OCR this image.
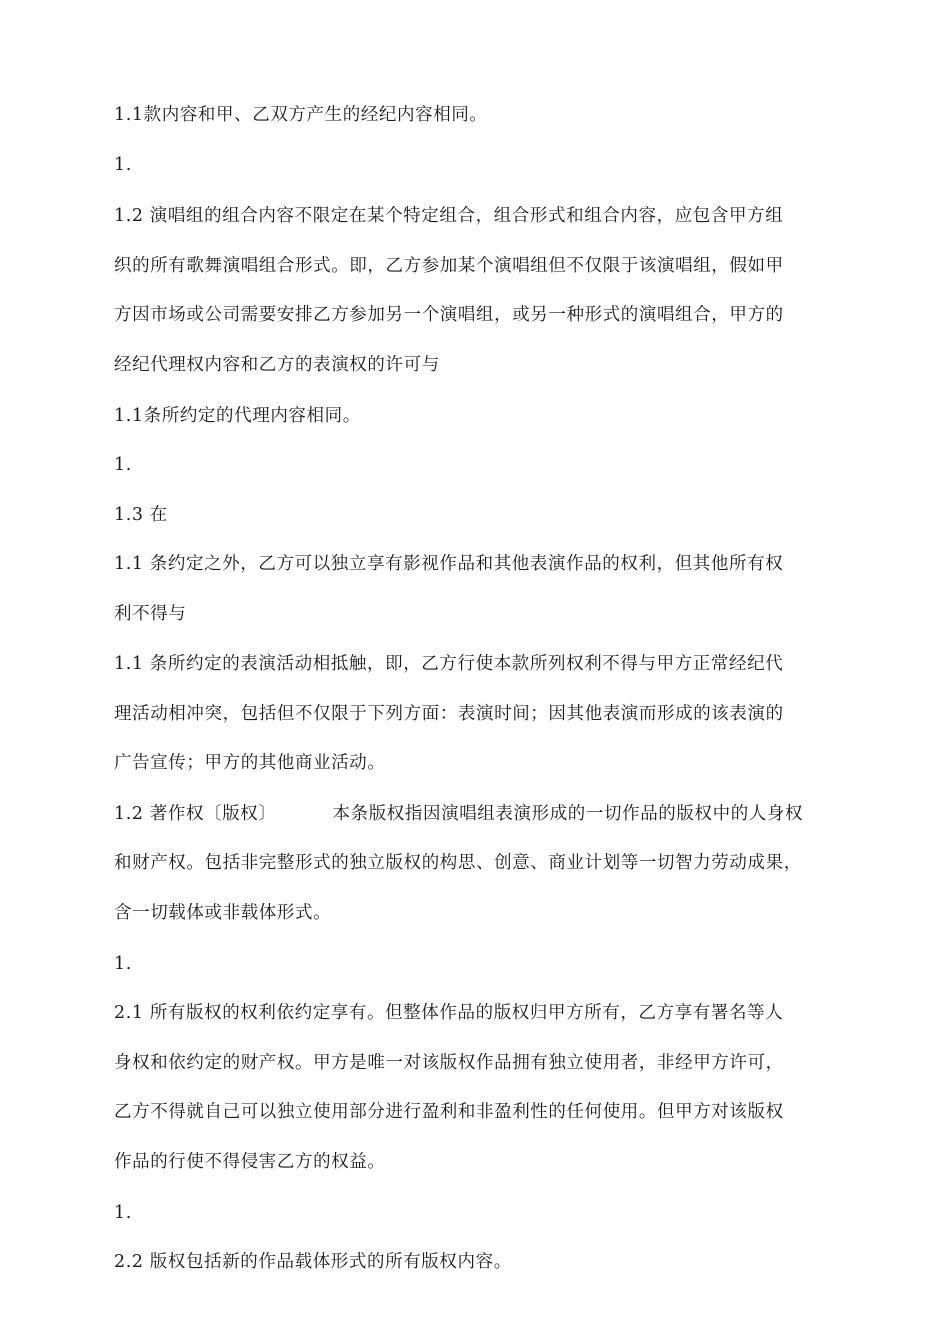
1.1款内容和甲、乙双方产生的经纪内容相同。
1.
1.2 演唱组的组合内容不限定在某个特定组合，组合形式和组合内容，应包含甲方组
织的所有歌舞演唱组合形式。即，乙方参加某个演唱组但不仅限于该演唱组，假如甲
方因市场或公司需要安排乙方参加另一个演唱组，或另一种形式的演唱组合，甲方的
经纪代理权内容和乙方的表演权的许可与
1.1条所约定的代理内容相同。
1.
1.3 在
1.1 条约定之外，乙方可以独立享有影视作品和其他表演作品的权利，但其他所有权
利不得与
1.1 条所约定的表演活动相抵触，即，乙方行使本款所列权利不得与甲方正常经纪代
理活动相冲突，包括但不仅限于下列方面：表演时间；因其他表演而形成的该表演的
广告宣传；甲方的其他商业活动。
1.2 著作权〔版权〕	本条版权指因演唱组表演形成的一切作品的版权中的人身权
和财产权。包括非完整形式的独立版权的构思、创意、商业计划等一切智力劳动成果，
含一切载体或非载体形式。
1.
2.1 所有版权的权利依约定享有。但整体作品的版权归甲方所有，乙方享有署名等人
身权和依约定的财产权。甲方是唯一对该版权作品拥有独立使用者，非经甲方许可，
乙方不得就自己可以独立使用部分进行盈利和非盈利性的任何使用。但甲方对该版权
作品的行使不得侵害乙方的权益。
1.
2.2 版权包括新的作品载体形式的所有版权内容。
